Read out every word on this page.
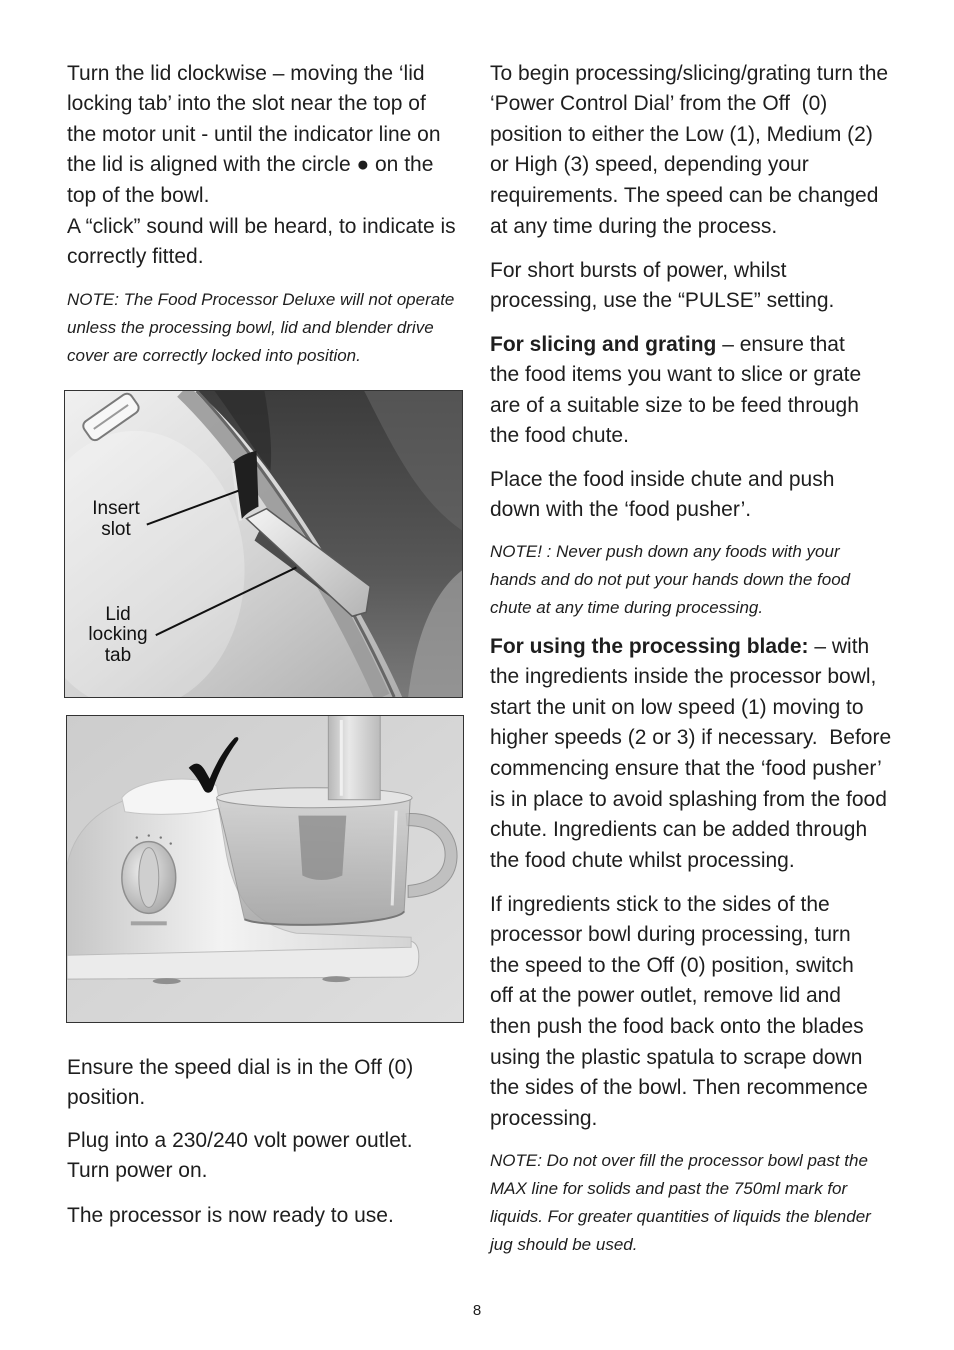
Turn the lid clockwise – moving the ‘lid
locking tab’ into the slot near the top of
the motor unit - until the indicator line on
the lid is aligned with the circle ● on the
top of the bowl.
A “click” sound will be heard, to indicate is
correctly fitted.
NOTE: The Food Processor Deluxe will not operate
unless the processing bowl, lid and blender drive
cover are correctly locked into position.
Insert
slot
Lid
locking
tab
Ensure the speed dial is in the Off (0)
position.
Plug into a 230/240 volt power outlet.
Turn power on.
The processor is now ready to use.
To begin processing/slicing/grating turn the
‘Power Control Dial’ from the Off  (0)
position to either the Low (1), Medium (2)
or High (3) speed, depending your
requirements. The speed can be changed
at any time during the process.
For short bursts of power, whilst
processing, use the “PULSE” setting.
For slicing and grating – ensure that
the food items you want to slice or grate
are of a suitable size to be feed through
the food chute.
Place the food inside chute and push
down with the ‘food pusher’.
NOTE! : Never push down any foods with your
hands and do not put your hands down the food
chute at any time during processing.
For using the processing blade: – with
the ingredients inside the processor bowl,
start the unit on low speed (1) moving to
higher speeds (2 or 3) if necessary.  Before
commencing ensure that the ‘food pusher’
is in place to avoid splashing from the food
chute. Ingredients can be added through
the food chute whilst processing.
If ingredients stick to the sides of the
processor bowl during processing, turn
the speed to the Off (0) position, switch
off at the power outlet, remove lid and
then push the food back onto the blades
using the plastic spatula to scrape down
the sides of the bowl. Then recommence
processing.
NOTE: Do not over fill the processor bowl past the
MAX line for solids and past the 750ml mark for
liquids. For greater quantities of liquids the blender
jug should be used.
8
